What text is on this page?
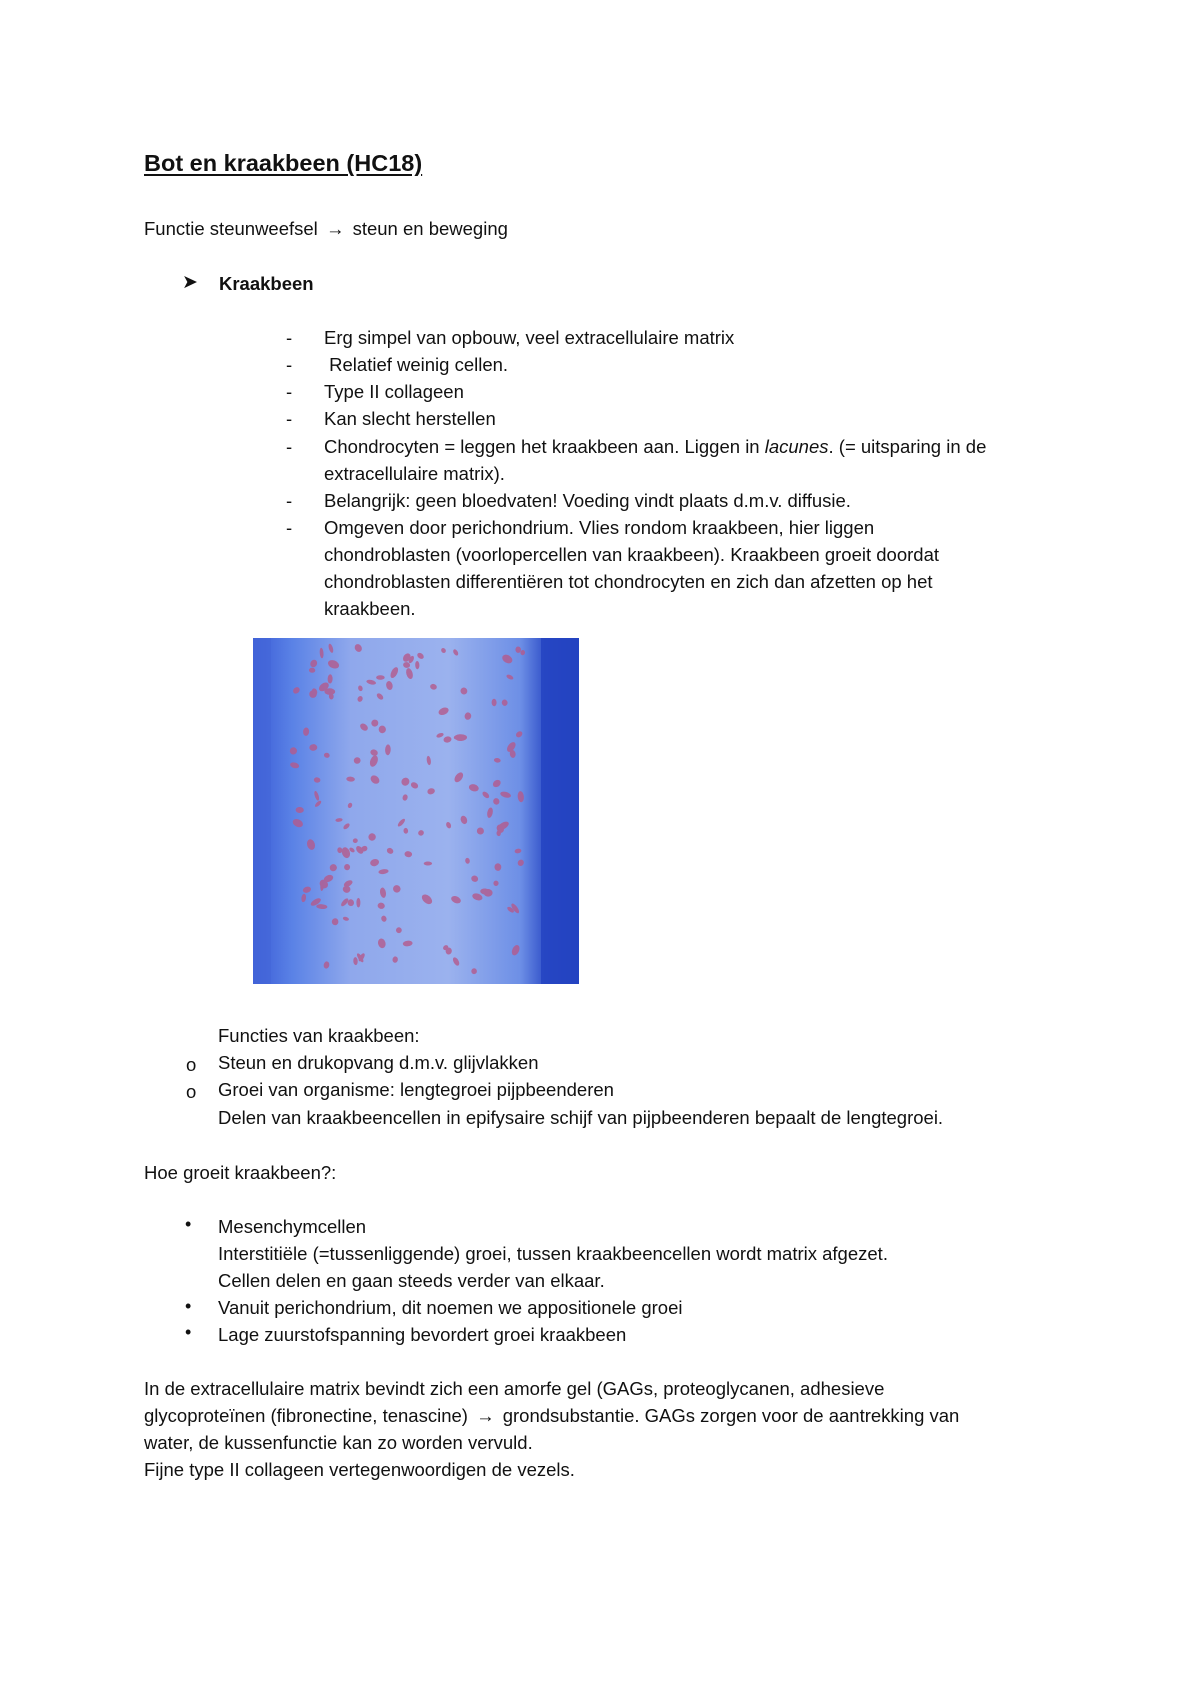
Bot en kraakbeen (HC18)
Functie steunweefsel → steun en beweging
➤ Kraakbeen
- Erg simpel van opbouw, veel extracellulaire matrix
- Relatief weinig cellen.
- Type II collageen
- Kan slecht herstellen
- Chondrocyten = leggen het kraakbeen aan. Liggen in lacunes. (= uitsparing in de
extracellulaire matrix).
- Belangrijk: geen bloedvaten! Voeding vindt plaats d.m.v. diffusie.
- Omgeven door perichondrium. Vlies rondom kraakbeen, hier liggen
chondroblasten (voorlopercellen van kraakbeen). Kraakbeen groeit doordat
chondroblasten differentiëren tot chondrocyten en zich dan afzetten op het
kraakbeen.
Functies van kraakbeen:
o Steun en drukopvang d.m.v. glijvlakken
o Groei van organisme: lengtegroei pijpbeenderen
Delen van kraakbeencellen in epifysaire schijf van pijpbeenderen bepaalt de lengtegroei.
Hoe groeit kraakbeen?:
• Mesenchymcellen
Interstitiële (=tussenliggende) groei, tussen kraakbeencellen wordt matrix afgezet.
Cellen delen en gaan steeds verder van elkaar.
• Vanuit perichondrium, dit noemen we appositionele groei
• Lage zuurstofspanning bevordert groei kraakbeen
In de extracellulaire matrix bevindt zich een amorfe gel (GAGs, proteoglycanen, adhesieve
glycoproteïnen (fibronectine, tenascine) → grondsubstantie. GAGs zorgen voor de aantrekking van
water, de kussenfunctie kan zo worden vervuld.
Fijne type II collageen vertegenwoordigen de vezels.
